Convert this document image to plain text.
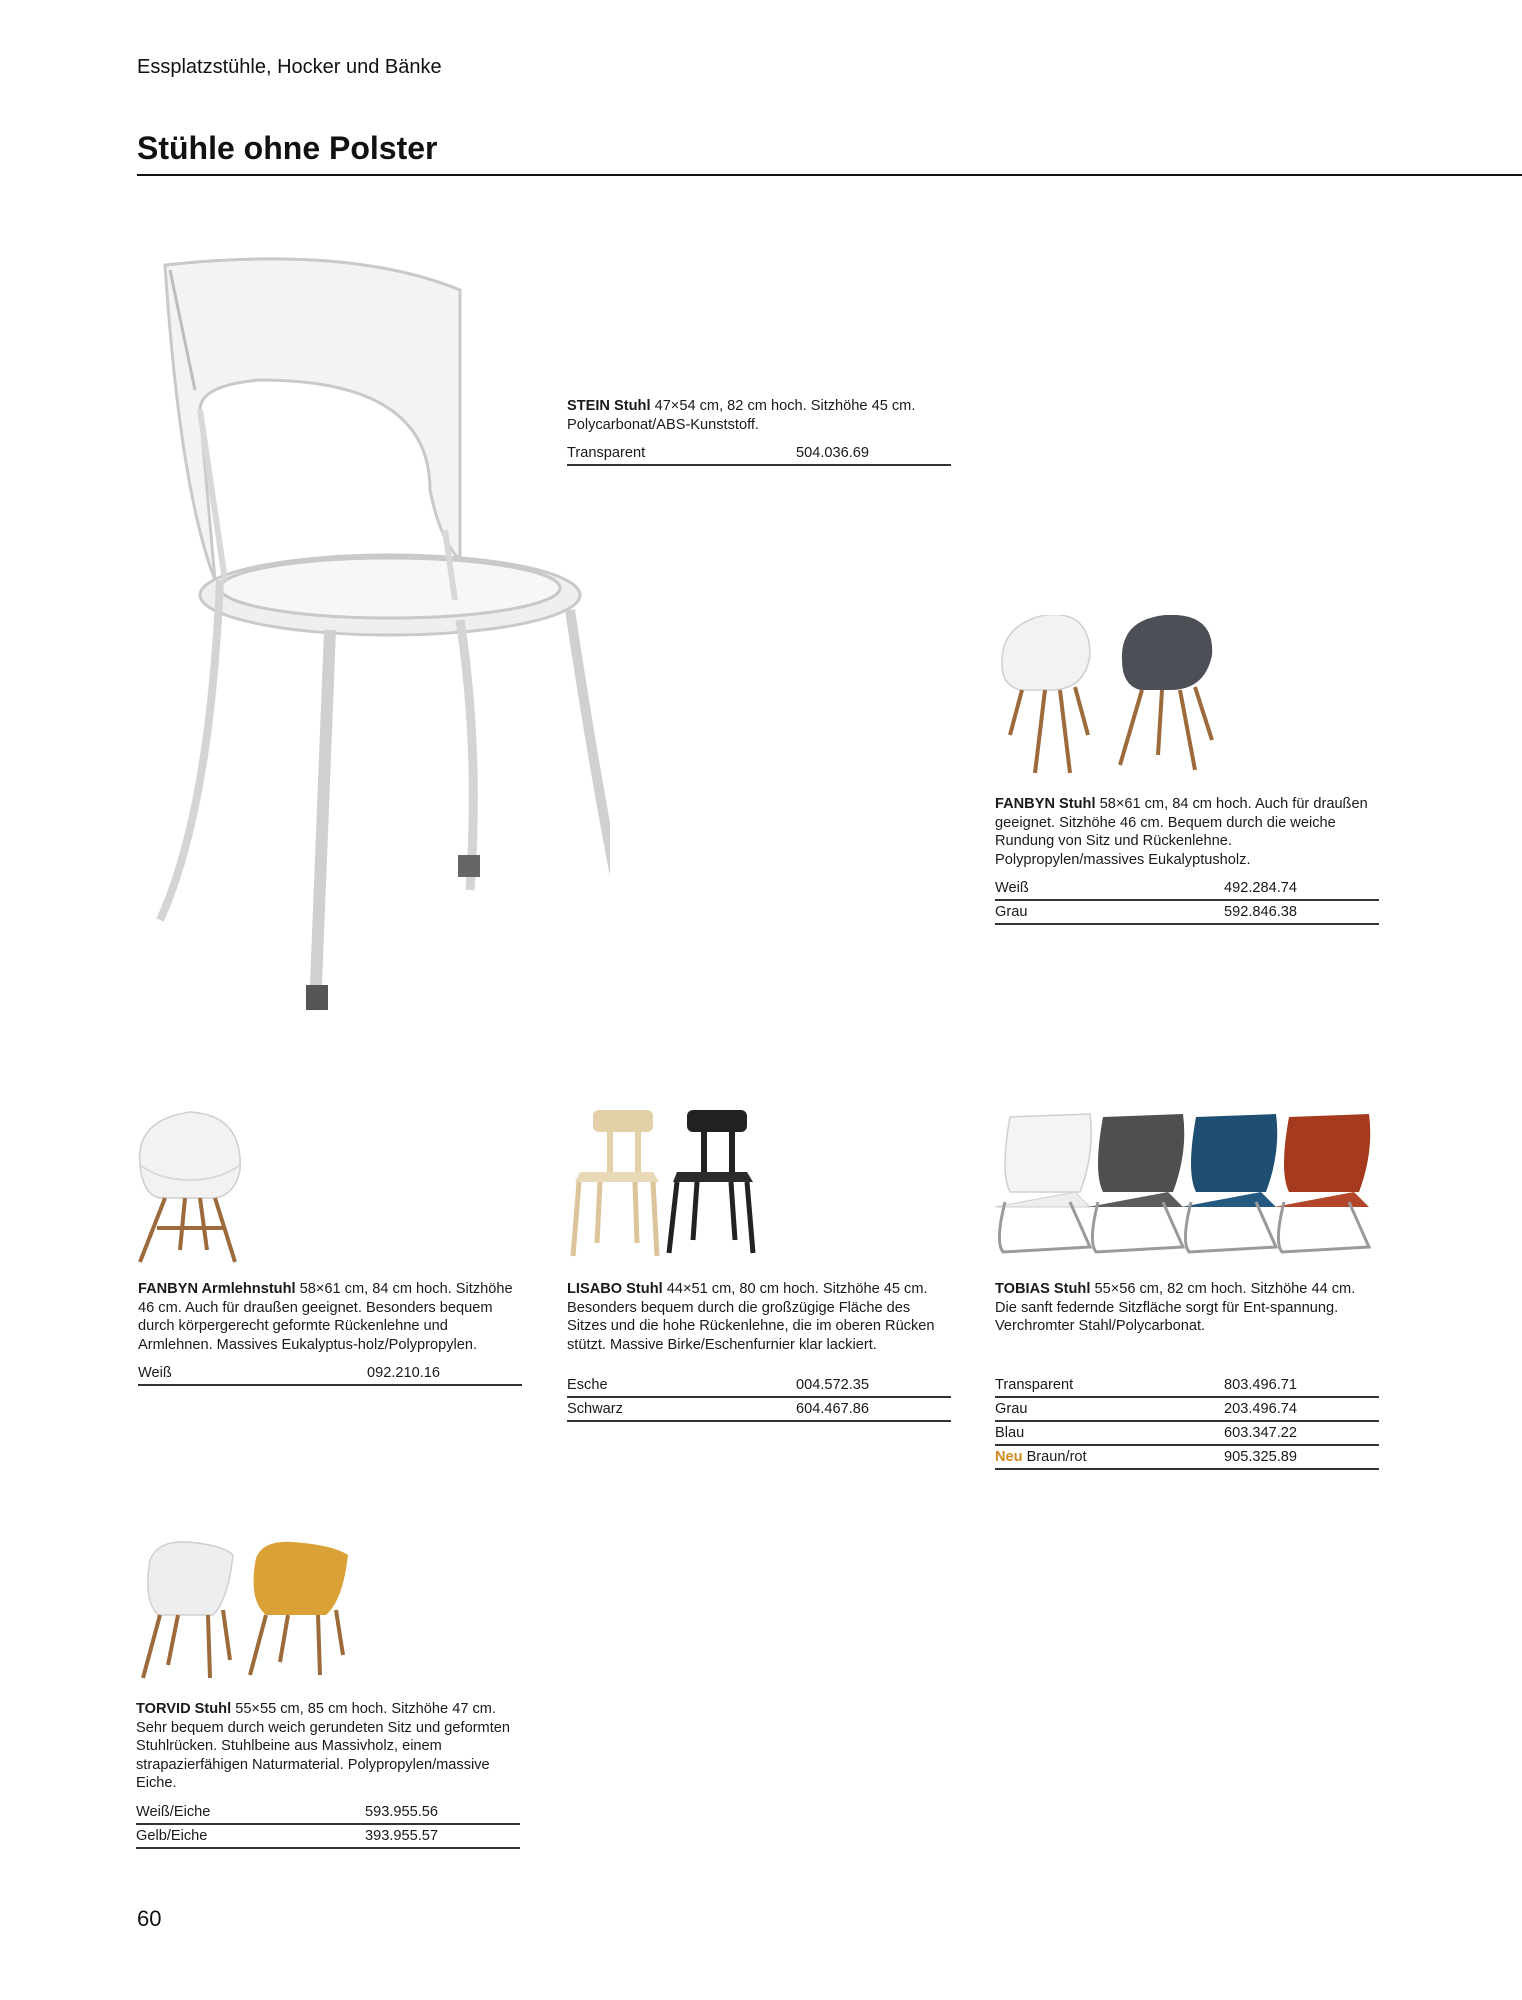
Essplatzstühle, Hocker und Bänke
Stühle ohne Polster

STEIN Stuhl 47×54 cm, 82 cm hoch. Sitzhöhe 45 cm. Polycarbonat/ABS-Kunststoff.

Transparent	504.036.69

FANBYN Stuhl 58×61 cm, 84 cm hoch. Auch für draußen geeignet. Sitzhöhe 46 cm. Bequem durch die weiche Rundung von Sitz und Rückenlehne. Polypropylen/massives Eukalyptusholz.

Weiß	492.284.74
Grau	592.846.38

FANBYN Armlehnstuhl 58×61 cm, 84 cm hoch. Sitzhöhe 46 cm. Auch für draußen geeignet. Besonders bequem durch körpergerecht geformte Rückenlehne und Armlehnen. Massives Eukalyptus-holz/Polypropylen.

Weiß	092.210.16

LISABO Stuhl 44×51 cm, 80 cm hoch. Sitzhöhe 45 cm. Besonders bequem durch die großzügige Fläche des Sitzes und die hohe Rückenlehne, die im oberen Rücken stützt. Massive Birke/Eschenfurnier klar lackiert.

Esche	004.572.35
Schwarz	604.467.86

TOBIAS Stuhl 55×56 cm, 82 cm hoch. Sitzhöhe 44 cm. Die sanft federnde Sitzfläche sorgt für Ent-spannung. Verchromter Stahl/Polycarbonat.

Transparent	803.496.71
Grau	203.496.74
Blau	603.347.22
Neu Braun/rot	905.325.89

TORVID Stuhl 55×55 cm, 85 cm hoch. Sitzhöhe 47 cm. Sehr bequem durch weich gerundeten Sitz und geformten Stuhlrücken. Stuhlbeine aus Massivholz, einem strapazierfähigen Naturmaterial. Polypropylen/massive Eiche.

Weiß/Eiche	593.955.56
Gelb/Eiche	393.955.57
60
